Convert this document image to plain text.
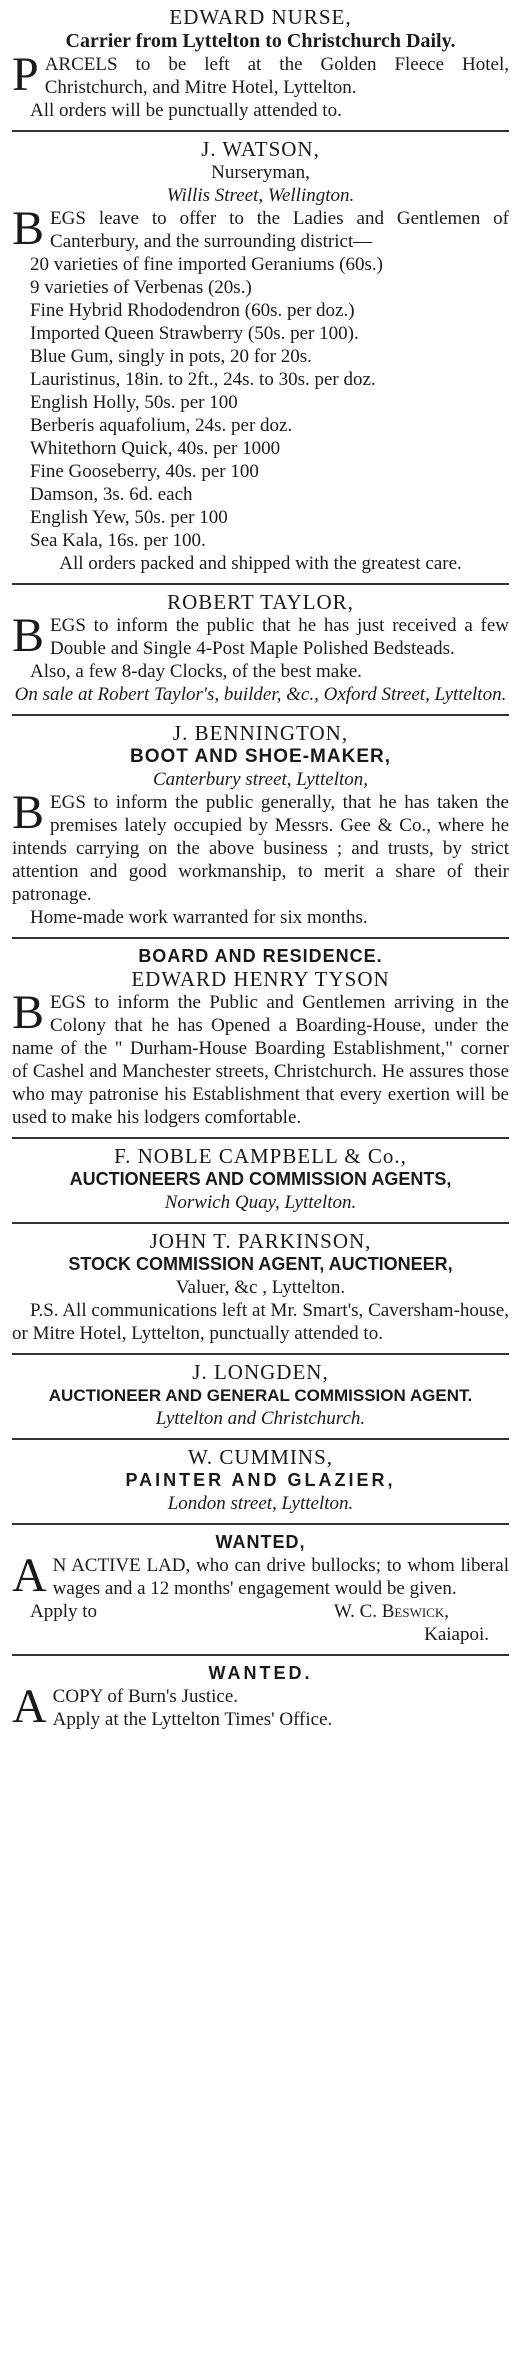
EDWARD NURSE,
Carrier from Lyttelton to Christchurch Daily.
P ARCELS to be left at the Golden Fleece Hotel, Christchurch, and Mitre Hotel, Lyttelton.
All orders will be punctually attended to.
J. WATSON,
Nurseryman,
Willis Street, Wellington.
B EGS leave to offer to the Ladies and Gentlemen of Canterbury, and the surrounding district—
20 varieties of fine imported Geraniums (60s.)
9 varieties of Verbenas (20s.)
Fine Hybrid Rhododendron (60s. per doz.)
Imported Queen Strawberry (50s. per 100).
Blue Gum, singly in pots, 20 for 20s.
Lauristinus, 18in. to 2ft., 24s. to 30s. per doz.
English Holly, 50s. per 100
Berberis aquafolium, 24s. per doz.
Whitethorn Quick, 40s. per 1000
Fine Gooseberry, 40s. per 100
Damson, 3s. 6d. each
English Yew, 50s. per 100
Sea Kala, 16s. per 100.
All orders packed and shipped with the greatest care.
ROBERT TAYLOR,
B EGS to inform the public that he has just received a few Double and Single 4-Post Maple Polished Bedsteads.
Also, a few 8-day Clocks, of the best make.
On sale at Robert Taylor's, builder, &c., Oxford Street, Lyttelton.
J. BENNINGTON,
BOOT AND SHOE-MAKER,
Canterbury street, Lyttelton,
B EGS to inform the public generally, that he has taken the premises lately occupied by Messrs. Gee & Co., where he intends carrying on the above business ; and trusts, by strict attention and good workmanship, to merit a share of their patronage.
Home-made work warranted for six months.
BOARD AND RESIDENCE.
EDWARD HENRY TYSON
B EGS to inform the Public and Gentlemen arriving in the Colony that he has Opened a Boarding-House, under the name of the " Durham-House Boarding Establishment," corner of Cashel and Manchester streets, Christchurch. He assures those who may patronise his Establishment that every exertion will be used to make his lodgers comfortable.
F. NOBLE CAMPBELL & Co.,
AUCTIONEERS AND COMMISSION AGENTS,
Norwich Quay, Lyttelton.
JOHN T. PARKINSON,
STOCK COMMISSION AGENT, AUCTIONEER,
Valuer, &c , Lyttelton.
P.S. All communications left at Mr. Smart's, Caversham-house, or Mitre Hotel, Lyttelton, punctually attended to.
J. LONGDEN,
AUCTIONEER AND GENERAL COMMISSION AGENT.
Lyttelton and Christchurch.
W. CUMMINS,
PAINTER AND GLAZIER,
London street, Lyttelton.
WANTED,
A N ACTIVE LAD, who can drive bullocks; to whom liberal wages and a 12 months' engagement would be given.
Apply to	W. C. Beswick,
Kaiapoi.
WANTED.
A COPY of Burn's Justice.
Apply at the Lyttelton Times' Office.
